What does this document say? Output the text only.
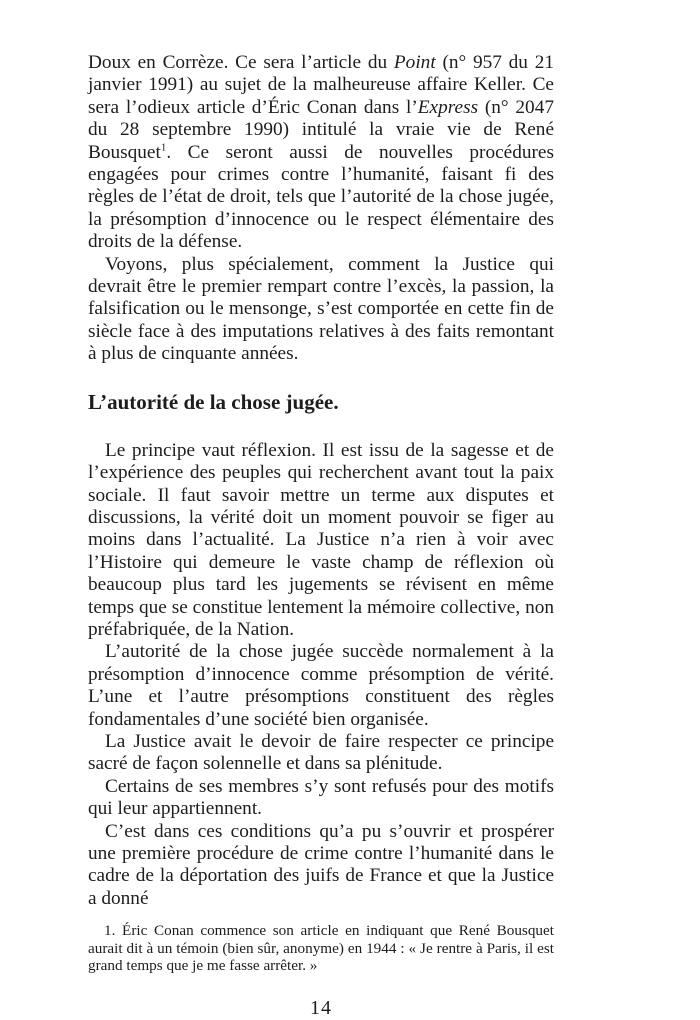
Doux en Corrèze. Ce sera l’article du Point (n° 957 du 21 janvier 1991) au sujet de la malheureuse affaire Keller. Ce sera l’odieux article d’Éric Conan dans l’Express (n° 2047 du 28 septembre 1990) intitulé la vraie vie de René Bousquet$^1$. Ce seront aussi de nouvelles procédures engagées pour crimes contre l’humanité, faisant fi des règles de l’état de droit, tels que l’autorité de la chose jugée, la présomption d’innocence ou le respect élémentaire des droits de la défense.

Voyons, plus spécialement, comment la Justice qui devrait être le premier rempart contre l’excès, la passion, la falsification ou le mensonge, s’est comportée en cette fin de siècle face à des imputations relatives à des faits remontant à plus de cinquante années.

L’autorité de la chose jugée.

Le principe vaut réflexion. Il est issu de la sagesse et de l’expérience des peuples qui recherchent avant tout la paix sociale. Il faut savoir mettre un terme aux disputes et discussions, la vérité doit un moment pouvoir se figer au moins dans l’actualité. La Justice n’a rien à voir avec l’Histoire qui demeure le vaste champ de réflexion où beaucoup plus tard les jugements se révisent en même temps que se constitue lentement la mémoire collective, non préfabriquée, de la Nation.

L’autorité de la chose jugée succède normalement à la présomption d’innocence comme présomption de vérité. L’une et l’autre présomptions constituent des règles fondamentales d’une société bien organisée.

La Justice avait le devoir de faire respecter ce principe sacré de façon solennelle et dans sa plénitude.

Certains de ses membres s’y sont refusés pour des motifs qui leur appartiennent.

C’est dans ces conditions qu’a pu s’ouvrir et prospérer une première procédure de crime contre l’humanité dans le cadre de la déportation des juifs de France et que la Justice a donné

1. Éric Conan commence son article en indiquant que René Bousquet aurait dit à un témoin (bien sûr, anonyme) en 1944 : « Je rentre à Paris, il est grand temps que je me fasse arrêter. »
14
